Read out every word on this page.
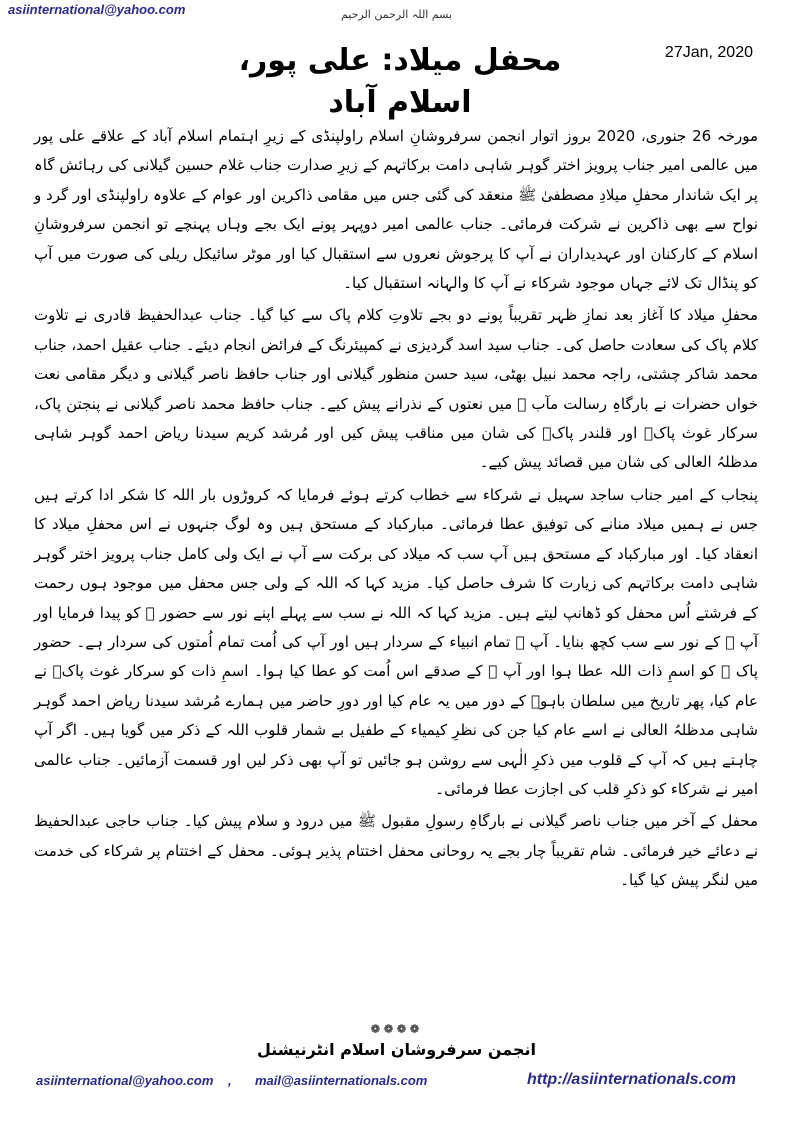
asiinternational@yahoo.com	بسم اللہ الرحمن الرحیم
محفل میلاد: علی پور، اسلام آباد
27Jan, 2020

مورخہ 26 جنوری، 2020 بروز اتوار انجمن سرفروشانِ اسلام راولپنڈی کے زیرِ اہتمام اسلام آباد کے علاقے علی پور میں عالمی امیر جناب پرویز اختر گوہر شاہی دامت برکاتہم کے زیرِ صدارت جناب غلام حسین گیلانی کی رہائش گاہ پر ایک شاندار محفلِ میلادِ مصطفیٰ ﷺ منعقد کی گئی جس میں مقامی ذاکرین اور عوام کے علاوہ راولپنڈی اور گرد و نواح سے بھی ذاکرین نے شرکت فرمائی۔ جناب عالمی امیر دوپہر پونے ایک بجے وہاں پہنچے تو انجمن سرفروشانِ اسلام کے کارکنان اور عہدیداران نے آپ کا پرجوش نعروں سے استقبال کیا اور موٹر سائیکل ریلی کی صورت میں آپ کو پنڈال تک لائے جہاں موجود شرکاء نے آپ کا والہانہ استقبال کیا۔

محفلِ میلاد کا آغاز بعد نمازِ ظہر تقریباً پونے دو بجے تلاوتِ کلام پاک سے کیا گیا۔ جناب عبدالحفیظ قادری نے تلاوت کلام پاک کی سعادت حاصل کی۔ جناب سید اسد گردیزی نے کمپیئرنگ کے فرائض انجام دیئے۔ جناب عقیل احمد، جناب محمد شاکر چشتی، راجہ محمد نبیل بھٹی، سید حسن منظور گیلانی اور جناب حافظ ناصر گیلانی و دیگر مقامی نعت خواں حضرات نے بارگاہِ رسالت مآب ﷺ میں نعتوں کے نذرانے پیش کیے۔ جناب حافظ محمد ناصر گیلانی نے پنجتن پاک، سرکار غوث پاکؓ اور قلندر پاکؒ کی شان میں مناقب پیش کیں اور مُرشد کریم سیدنا ریاض احمد گوہر شاہی مدظلہُ العالی کی شان میں قصائد پیش کیے۔

پنجاب کے امیر جناب ساجد سہیل نے شرکاء سے خطاب کرتے ہوئے فرمایا کہ کروڑوں بار اللہ کا شکر ادا کرتے ہیں جس نے ہمیں میلاد منانے کی توفیق عطا فرمائی۔ مبارکباد کے مستحق ہیں وہ لوگ جنہوں نے اس محفلِ میلاد کا انعقاد کیا۔ اور مبارکباد کے مستحق ہیں آپ سب کہ میلاد کی برکت سے آپ نے ایک ولی کامل جناب پرویز اختر گوہر شاہی دامت برکاتہم کی زیارت کا شرف حاصل کیا۔ مزید کہا کہ اللہ کے ولی جس محفل میں موجود ہوں رحمت کے فرشتے اُس محفل کو ڈھانپ لیتے ہیں۔ مزید کہا کہ اللہ نے سب سے پہلے اپنے نور سے حضور ﷺ کو پیدا فرمایا اور آپ ﷺ کے نور سے سب کچھ بنایا۔ آپ ﷺ تمام انبیاء کے سردار ہیں اور آپ کی اُمت تمام اُمتوں کی سردار ہے۔ حضور پاک ﷺ کو اسمِ ذات اللہ عطا ہوا اور آپ ﷺ کے صدقے اس اُمت کو عطا کیا ہوا۔ اسمِ ذات کو سرکار غوث پاکؓ نے عام کیا، پھر تاریخ میں سلطان باہوؒ کے دور میں یہ عام کیا اور دورِ حاضر میں ہمارے مُرشد سیدنا ریاض احمد گوہر شاہی مدظلہُ العالی نے اسے عام کیا جن کی نظرِ کیمیاء کے طفیل بے شمار قلوب اللہ کے ذکر میں گویا ہیں۔ اگر آپ چاہتے ہیں کہ آپ کے قلوب میں ذکرِ الٰہی سے روشن ہو جائیں تو آپ بھی ذکر لیں اور قسمت آزمائیں۔ جناب عالمی امیر نے شرکاء کو ذکرِ قلب کی اجازت عطا فرمائی۔

محفل کے آخر میں جناب ناصر گیلانی نے بارگاہِ رسولِ مقبول ﷺ میں درود و سلام پیش کیا۔ جناب حاجی عبدالحفیظ نے دعائے خیر فرمائی۔ شام تقریباً چار بجے یہ روحانی محفل اختتام پذیر ہوئی۔ محفل کے اختتام پر شرکاء کی خدمت میں لنگر پیش کیا گیا۔

❁❁❁❁
انجمن سرفروشان اسلام انٹرنیشنل
asiinternational@yahoo.com , mail@asiinternationals.com	http://asiinternationals.com
